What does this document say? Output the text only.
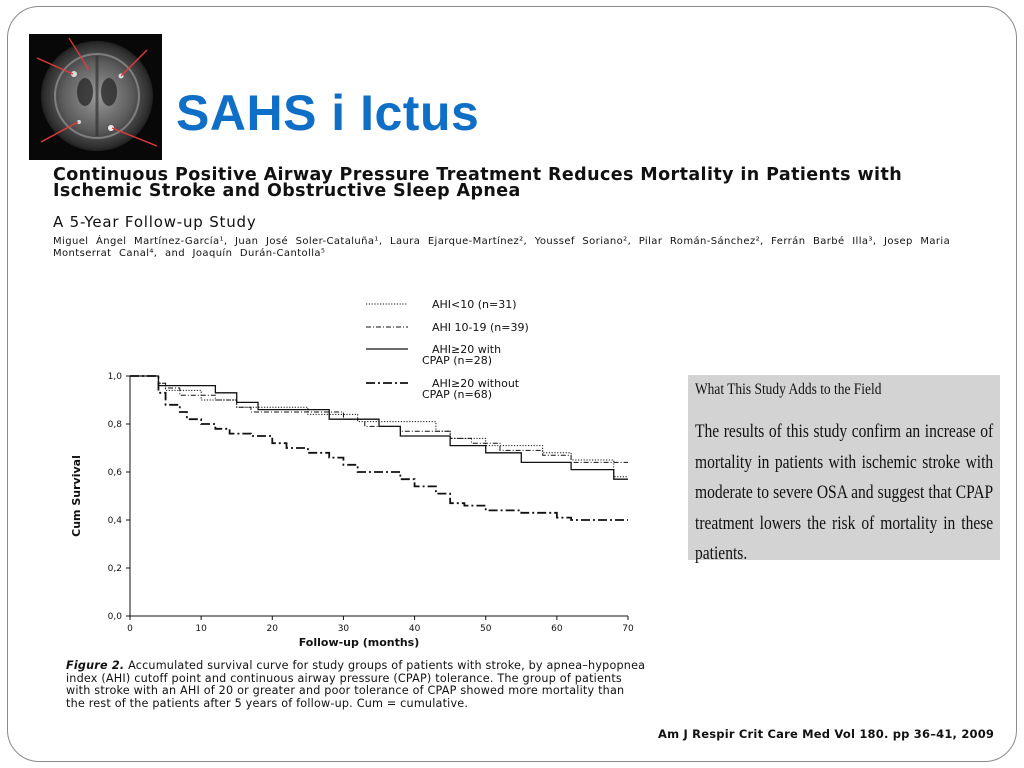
SAHS i Ictus
Continuous Positive Airway Pressure Treatment Reduces Mortality in Patients with Ischemic Stroke and Obstructive Sleep Apnea
A 5-Year Follow-up Study
Miguel Ángel Martínez-García¹, Juan José Soler-Cataluña¹, Laura Ejarque-Martínez², Youssef Soriano², Pilar Román-Sánchez², Ferrán Barbé Illa³, Josep Maria Montserrat Canal⁴, and Joaquín Durán-Cantolla⁵
AHI<10 (n=31)
AHI 10-19 (n=39)
AHI≥20 with CPAP (n=28)
AHI≥20 without CPAP (n=68)
0	10	20	30	40	50	60	70
0,0
0,2
0,4
0,6
0,8
1,0
Follow-up (months)
Cum Survival
Figure 2. Accumulated survival curve for study groups of patients with stroke, by apnea–hypopnea index (AHI) cutoff point and continuous airway pressure (CPAP) tolerance. The group of patients with stroke with an AHI of 20 or greater and poor tolerance of CPAP showed more mortality than the rest of the patients after 5 years of follow-up. Cum = cumulative.
What This Study Adds to the Field
The results of this study confirm an increase of mortality in patients with ischemic stroke with moderate to severe OSA and suggest that CPAP treatment lowers the risk of mortality in these patients.
Am J Respir Crit Care Med Vol 180. pp 36–41, 2009
